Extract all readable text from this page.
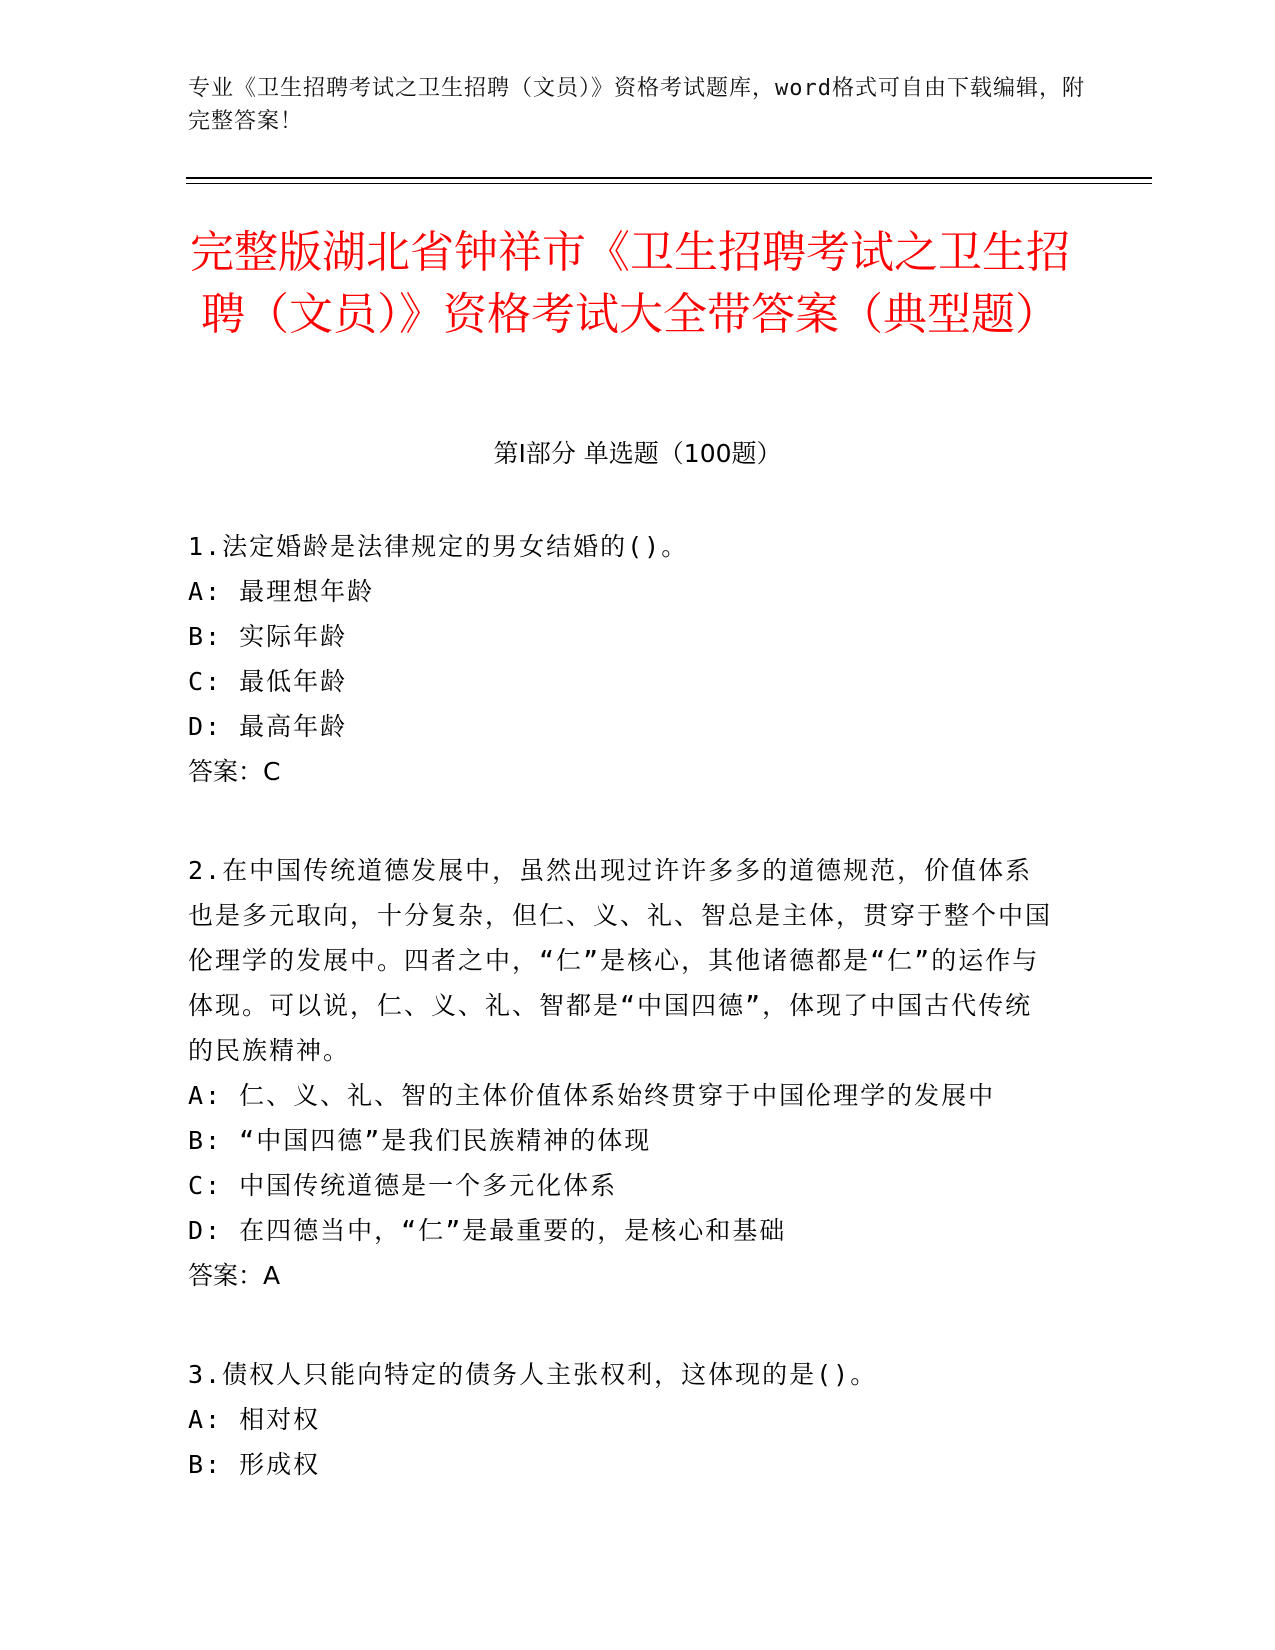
专业《卫生招聘考试之卫生招聘（文员）》资格考试题库，word格式可自由下载编辑，附完整答案！

完整版湖北省钟祥市《卫生招聘考试之卫生招聘（文员）》资格考试大全带答案（典型题）
第Ⅰ部分 单选题（100题）

1.法定婚龄是法律规定的男女结婚的()。

A: 最理想年龄

B: 实际年龄

C: 最低年龄

D: 最高年龄

答案：C

2.在中国传统道德发展中，虽然出现过许许多多的道德规范，价值体系也是多元取向，十分复杂，但仁、义、礼、智总是主体，贯穿于整个中国伦理学的发展中。四者之中，“仁”是核心，其他诸德都是“仁”的运作与体现。可以说，仁、义、礼、智都是“中国四德”，体现了中国古代传统的民族精神。

A: 仁、义、礼、智的主体价值体系始终贯穿于中国伦理学的发展中

B: “中国四德”是我们民族精神的体现

C: 中国传统道德是一个多元化体系

D: 在四德当中，“仁”是最重要的，是核心和基础

答案：A

3.债权人只能向特定的债务人主张权利，这体现的是()。

A: 相对权

B: 形成权
